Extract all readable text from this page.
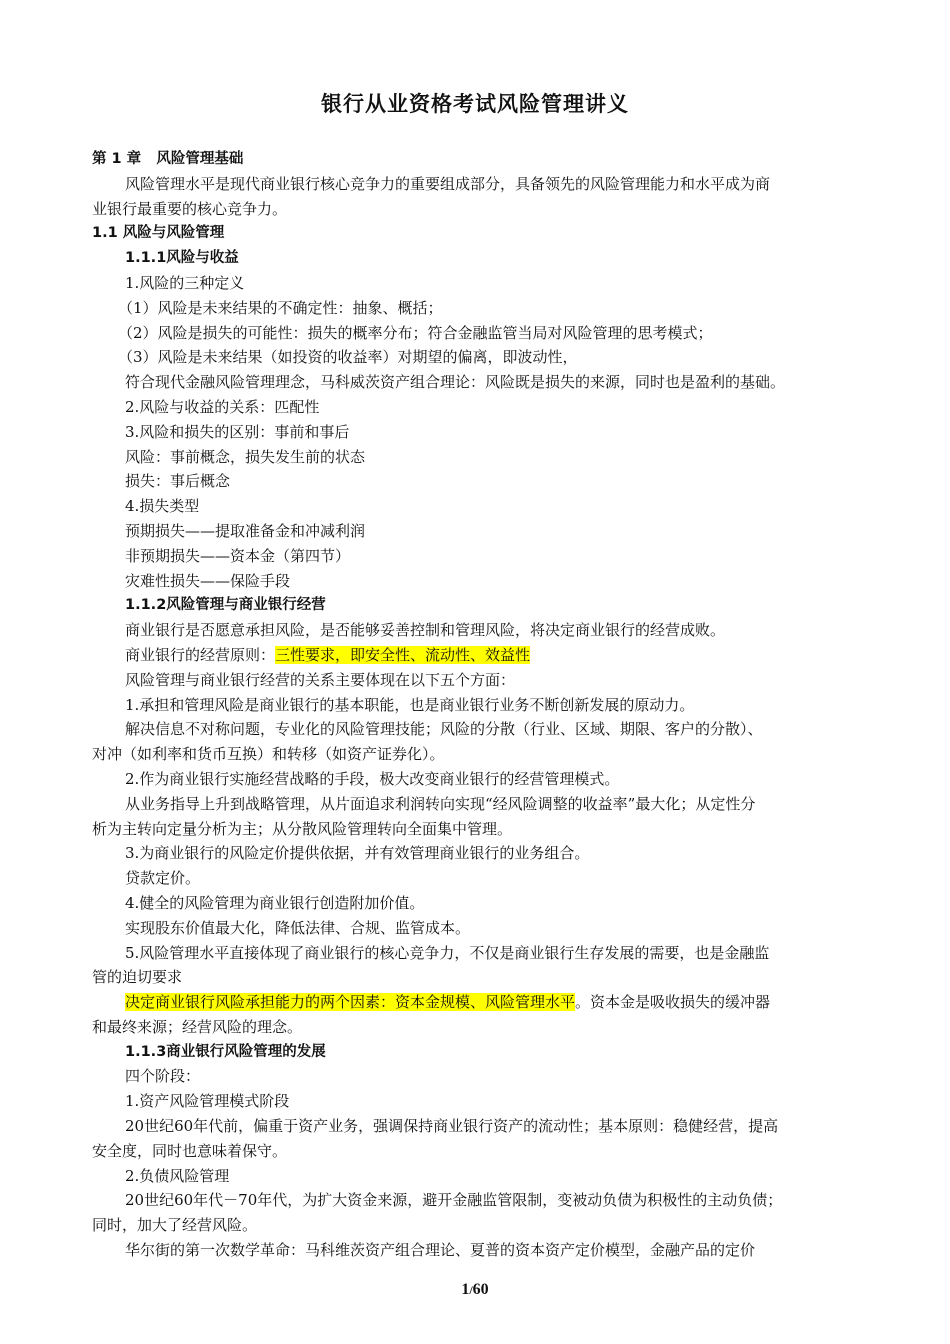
银行从业资格考试风险管理讲义

第 1 章   风险管理基础

风险管理水平是现代商业银行核心竞争力的重要组成部分，具备领先的风险管理能力和水平成为商

业银行最重要的核心竞争力。

1.1 风险与风险管理

1.1.1风险与收益

1.风险的三种定义

（1）风险是未来结果的不确定性：抽象、概括；

（2）风险是损失的可能性：损失的概率分布；符合金融监管当局对风险管理的思考模式；

（3）风险是未来结果（如投资的收益率）对期望的偏离，即波动性，

符合现代金融风险管理理念，马科威茨资产组合理论：风险既是损失的来源，同时也是盈利的基础。

2.风险与收益的关系：匹配性

3.风险和损失的区别：事前和事后

风险：事前概念，损失发生前的状态

损失：事后概念

4.损失类型

预期损失——提取准备金和冲减利润

非预期损失——资本金（第四节）

灾难性损失——保险手段

1.1.2风险管理与商业银行经营

商业银行是否愿意承担风险，是否能够妥善控制和管理风险，将决定商业银行的经营成败。

商业银行的经营原则：三性要求，即安全性、流动性、效益性

风险管理与商业银行经营的关系主要体现在以下五个方面：

1.承担和管理风险是商业银行的基本职能，也是商业银行业务不断创新发展的原动力。

解决信息不对称问题，专业化的风险管理技能；风险的分散（行业、区域、期限、客户的分散）、

对冲（如利率和货币互换）和转移（如资产证券化）。

2.作为商业银行实施经营战略的手段，极大改变商业银行的经营管理模式。

从业务指导上升到战略管理，从片面追求利润转向实现“经风险调整的收益率”最大化；从定性分

析为主转向定量分析为主；从分散风险管理转向全面集中管理。

3.为商业银行的风险定价提供依据，并有效管理商业银行的业务组合。

贷款定价。

4.健全的风险管理为商业银行创造附加价值。

实现股东价值最大化，降低法律、合规、监管成本。

5.风险管理水平直接体现了商业银行的核心竞争力，不仅是商业银行生存发展的需要，也是金融监

管的迫切要求

决定商业银行风险承担能力的两个因素：资本金规模、风险管理水平。资本金是吸收损失的缓冲器

和最终来源；经营风险的理念。

1.1.3商业银行风险管理的发展

四个阶段：

1.资产风险管理模式阶段

20世纪60年代前，偏重于资产业务，强调保持商业银行资产的流动性；基本原则：稳健经营，提高

安全度，同时也意味着保守。

2.负债风险管理

20世纪60年代－70年代，为扩大资金来源，避开金融监管限制，变被动负债为积极性的主动负债；

同时，加大了经营风险。

华尔街的第一次数学革命：马科维茨资产组合理论、夏普的资本资产定价模型，金融产品的定价

1/60
